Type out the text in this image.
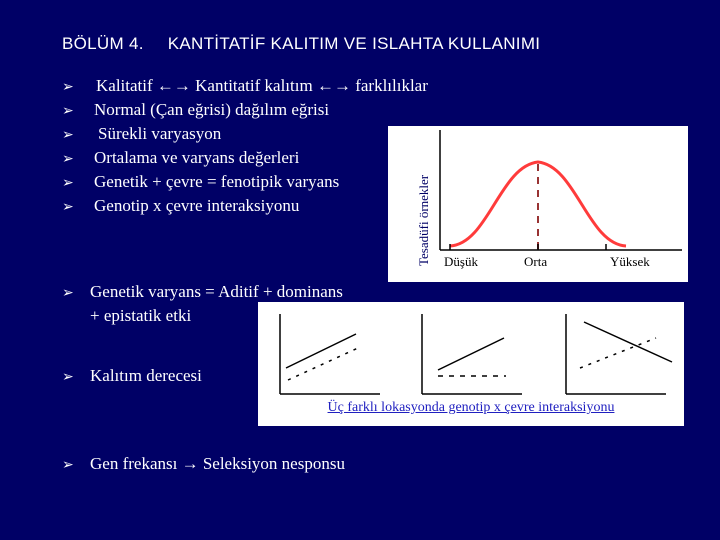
BÖLÜM 4. KANTİTATİF KALITIM VE ISLAHTA KULLANIMI
➢ Kalitatif ←→ Kantitatif kalıtım ←→ farklılıklar
➢ Normal (Çan eğrisi) dağılım eğrisi
➢ Sürekli varyasyon
➢ Ortalama ve varyans değerleri
➢ Genetik + çevre = fenotipik varyans
➢ Genotip x çevre interaksiyonu
➢ Genetik varyans = Aditif + dominans
+ epistatik etki
➢ Kalıtım derecesi
➢ Gen frekansı → Seleksiyon nesponsu
Tesadüfi örnekler Düşük	Orta	Yüksek
Üç farklı lokasyonda genotip x çevre interaksiyonu
